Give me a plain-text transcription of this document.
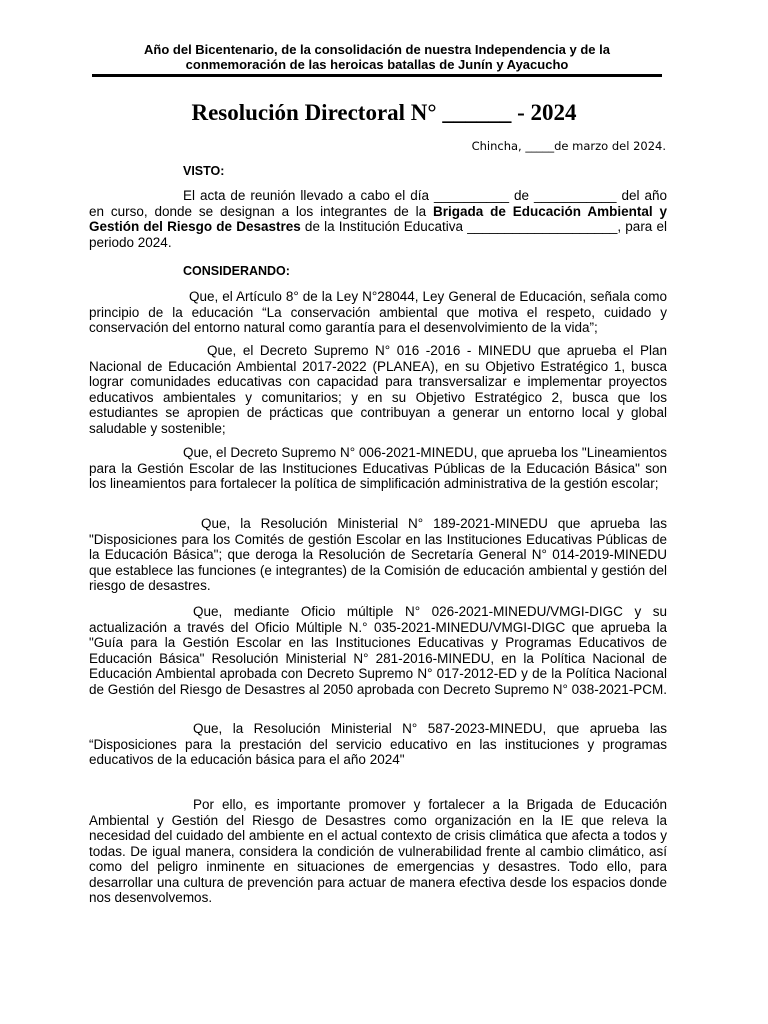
Año del Bicentenario, de la consolidación de nuestra Independencia y de la
conmemoración de las heroicas batallas de Junín y Ayacucho
Resolución Directoral N° ______ - 2024
Chincha, _____de marzo del 2024.
VISTO:
El acta de reunión llevado a cabo el día __________ de ___________ del año en curso, donde se designan a los integrantes de la Brigada de Educación Ambiental y Gestión del Riesgo de Desastres de la Institución Educativa ____________________, para el periodo 2024.
CONSIDERANDO:
Que, el Artículo 8° de la Ley N°28044, Ley General de Educación, señala como principio de la educación “La conservación ambiental que motiva el respeto, cuidado y conservación del entorno natural como garantía para el desenvolvimiento de la vida”;
Que, el Decreto Supremo N° 016 -2016 - MINEDU que aprueba el Plan Nacional de Educación Ambiental 2017-2022 (PLANEA), en su Objetivo Estratégico 1, busca lograr comunidades educativas con capacidad para transversalizar e implementar proyectos educativos ambientales y comunitarios; y en su Objetivo Estratégico 2, busca que los estudiantes se apropien de prácticas que contribuyan a generar un entorno local y global saludable y sostenible;
Que, el Decreto Supremo N° 006-2021-MINEDU, que aprueba los "Lineamientos para la Gestión Escolar de las Instituciones Educativas Públicas de la Educación Básica" son los lineamientos para fortalecer la política de simplificación administrativa de la gestión escolar;
Que, la Resolución Ministerial N° 189-2021-MINEDU que aprueba las "Disposiciones para los Comités de gestión Escolar en las Instituciones Educativas Públicas de la Educación Básica"; que deroga la Resolución de Secretaría General N° 014-2019-MINEDU que establece las funciones (e integrantes) de la Comisión de educación ambiental y gestión del riesgo de desastres.
Que, mediante Oficio múltiple N° 026-2021-MINEDU/VMGI-DIGC y su actualización a través del Oficio Múltiple N.° 035-2021-MINEDU/VMGI-DIGC que aprueba la "Guía para la Gestión Escolar en las Instituciones Educativas y Programas Educativos de Educación Básica" Resolución Ministerial N° 281-2016-MINEDU, en la Política Nacional de Educación Ambiental aprobada con Decreto Supremo N° 017-2012-ED y de la Política Nacional de Gestión del Riesgo de Desastres al 2050 aprobada con Decreto Supremo N° 038-2021-PCM.
Que, la Resolución Ministerial N° 587-2023-MINEDU, que aprueba las “Disposiciones para la prestación del servicio educativo en las instituciones y programas educativos de la educación básica para el año 2024"
Por ello, es importante promover y fortalecer a la Brigada de Educación Ambiental y Gestión del Riesgo de Desastres como organización en la IE que releva la necesidad del cuidado del ambiente en el actual contexto de crisis climática que afecta a todos y todas. De igual manera, considera la condición de vulnerabilidad frente al cambio climático, así como del peligro inminente en situaciones de emergencias y desastres. Todo ello, para desarrollar una cultura de prevención para actuar de manera efectiva desde los espacios donde nos desenvolvemos.
